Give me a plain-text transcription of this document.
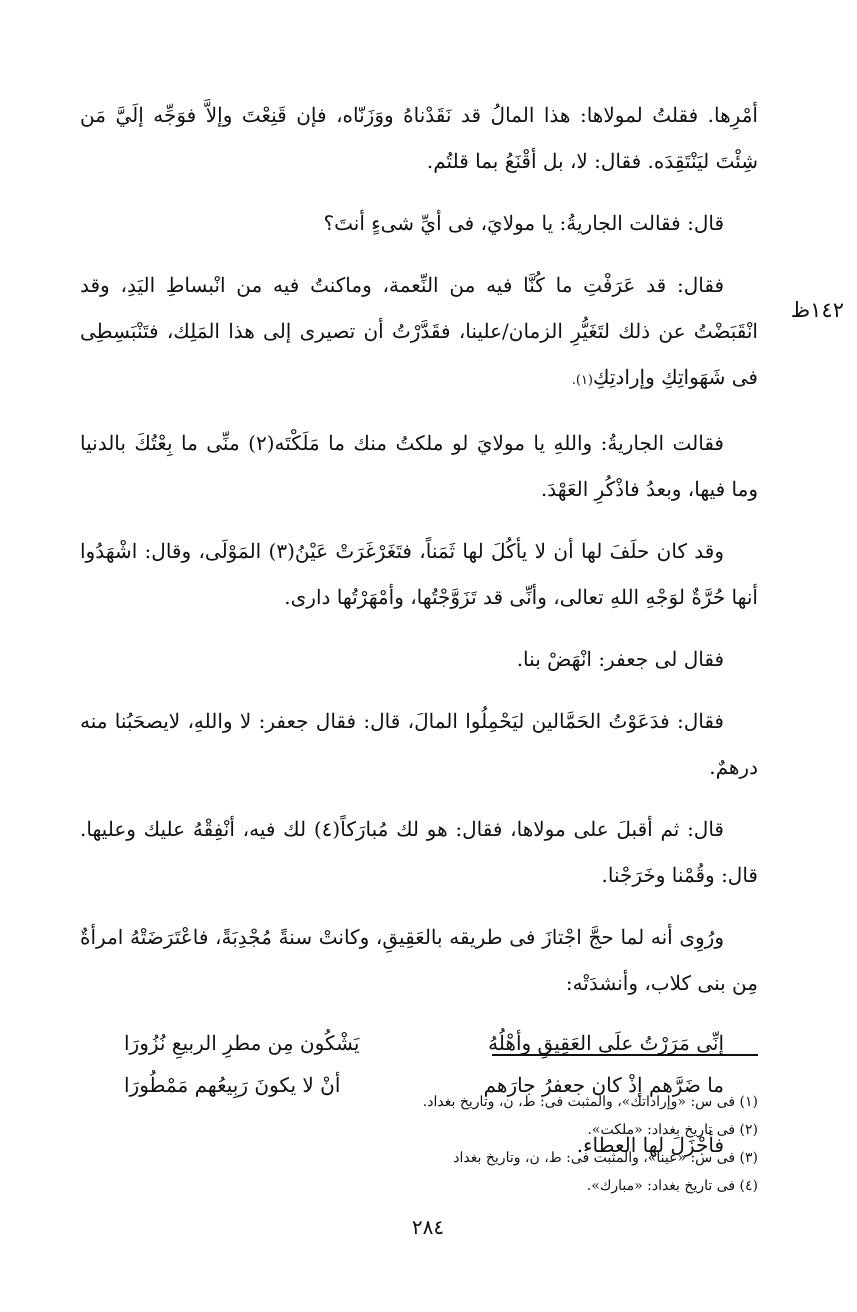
١٤٢ظ

أمْرِها. فقلتُ لمولاها: هذا المالُ قد نَقَدْناهُ ووَزَنّاه، فإن قَنِعْتَ وإلاَّ فوَجِّه إلَيَّ مَن شِئْتَ ليَنْتَقِدَه. فقال: لا، بل أقْنَعُ بما قلتُم.

قال: فقالت الجاريةُ: يا مولايَ، فى أيِّ شىءٍ أنتَ؟

فقال: قد عَرَفْتِ ما كُنَّا فيه من النِّعمة، وماكنتُ فيه من انْبساطِ اليَدِ، وقد انْقَبَضْتُ عن ذلك لتَغَيُّرِ الزمان/علينا، فقَدَّرْتُ أن تصيرى إلى هذا المَلِك، فتَنْبَسِطِى فى شَهَواتِكِ وإرادتِكِ(١).

فقالت الجاريةُ: واللهِ يا مولايَ لو ملكتُ منك ما مَلَكْتَه(٢) منِّى ما بِعْتُكَ بالدنيا وما فيها، وبعدُ فاذْكُرِ العَهْدَ.

وقد كان حلَفَ لها أن لا يأكُلَ لها ثَمَناً، فتَغَرْغَرَتْ عَيْنُ(٣) المَوْلَى، وقال: اشْهَدُوا أنها حُرَّةٌ لوَجْهِ اللهِ تعالى، وأنِّى قد تَزَوَّجْتُها، وأمْهَرْتُها دارى.

فقال لى جعفر: انْهَضْ بنا.

فقال: فدَعَوْتُ الحَمَّالين ليَحْمِلُوا المالَ، قال: فقال جعفر: لا واللهِ، لايصحَبُنا منه درهمٌ.

قال: ثم أقبلَ على مولاها، فقال: هو لك مُبارَكاً(٤) لك فيه، أنْفِقْهُ عليك وعليها. قال: وقُمْنا وخَرَجْنا.

ورُوِى أنه لما حجَّ اجْتازَ فى طريقه بالعَقِيقِ، وكانتْ سنةً مُجْدِبَةً، فاعْتَرَضَتْهُ امرأةٌ مِن بنى كلاب، وأنشدَتْه:

إنِّى مَرَرْتُ علَى العَقِيقِ وأهْلُهُ
يَشْكُون مِن مطرِ الربيعِ نُزُورَا
ما ضَرَّهم إذْ كان جعفرُ جارَهم
أنْ لا يكونَ رَبِيعُهم مَمْطُورَا

فأجْزَلَ لها العطاء.

(١) فى س: «وإراداتك»، والمثبت فى: ط، ن، وتاريخ بغداد.
(٢) فى تاريخ بغداد: «ملكت».
(٣) فى س: «عينا»، والمثبت فى: ط، ن، وتاريخ بغداد
(٤) فى تاريخ بغداد: «مبارك».
٢٨٤
